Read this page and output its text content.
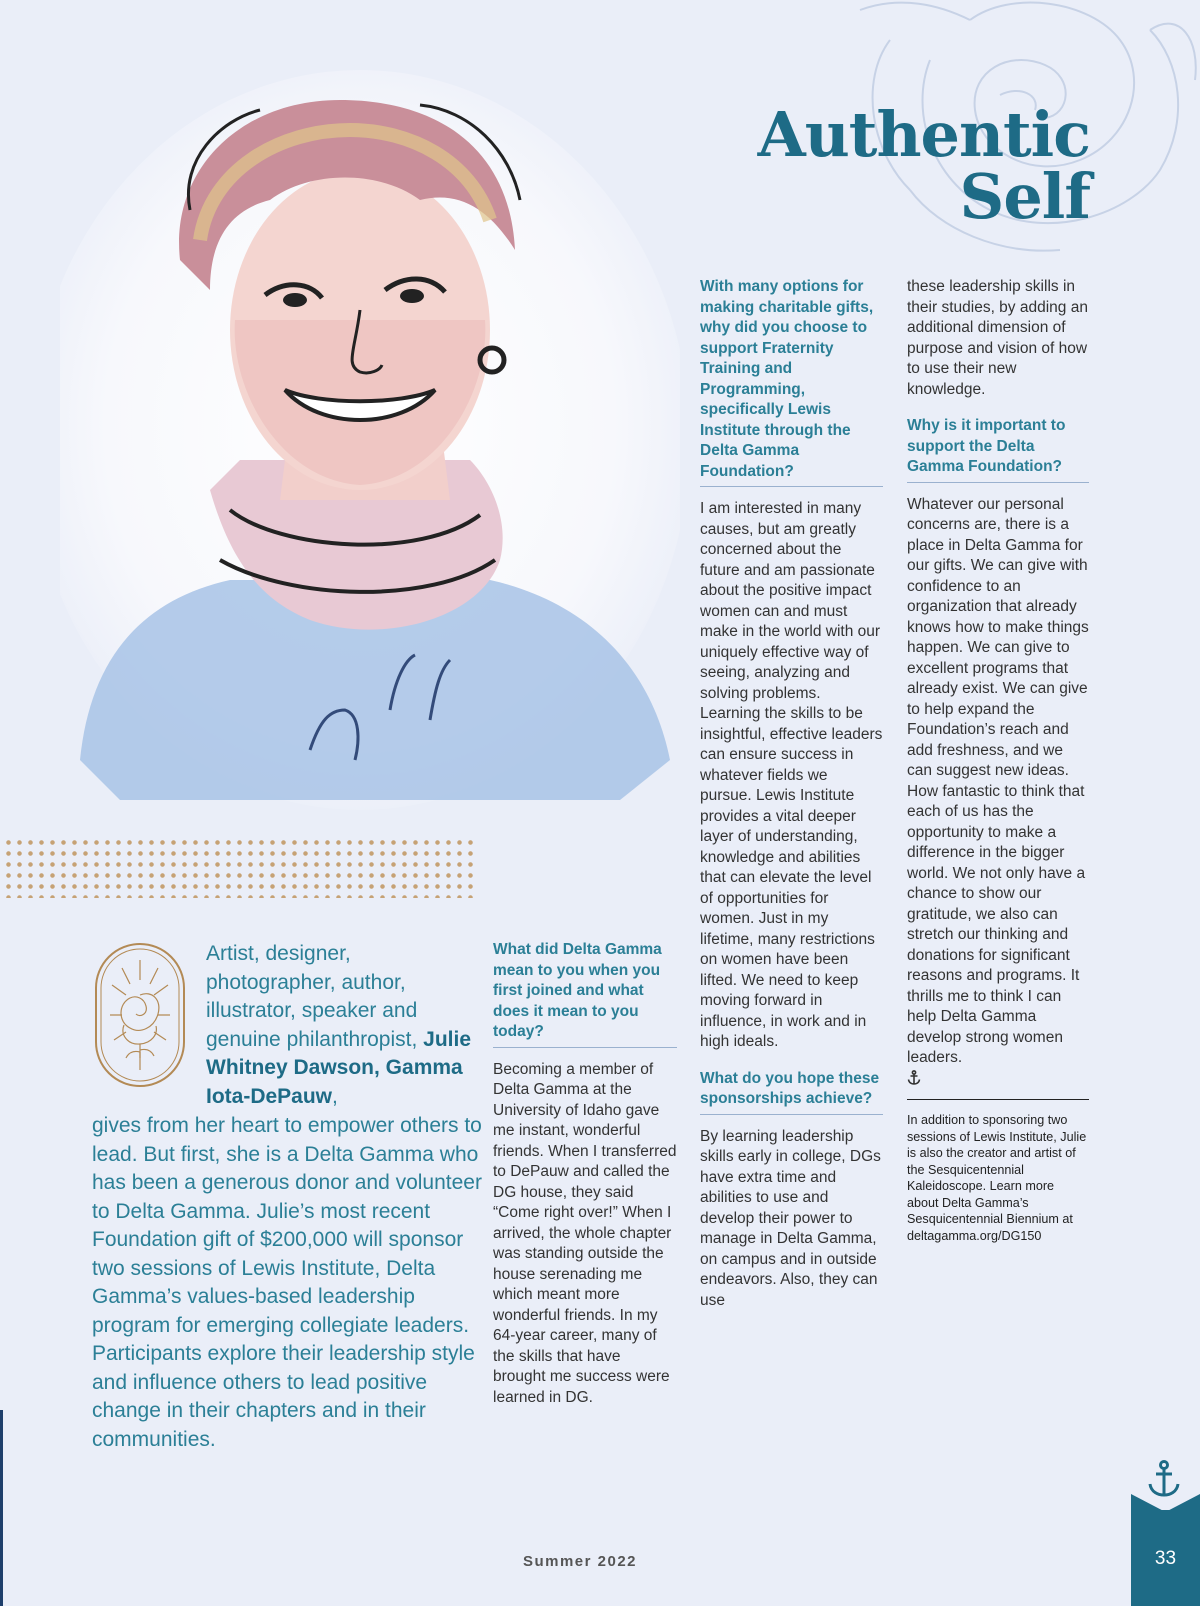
Authentic
Self
Artist, designer, photographer, author, illustrator, speaker and genuine philanthropist, Julie Whitney Dawson, Gamma Iota-DePauw,
gives from her heart to empower others to lead. But first, she is a Delta Gamma who has been a generous donor and volunteer to Delta Gamma. Julie’s most recent Foundation gift of $200,000 will sponsor two sessions of Lewis Institute, Delta Gamma’s values-based leadership program for emerging collegiate leaders. Participants explore their leadership style and influence others to lead positive change in their chapters and in their communities.
What did Delta Gamma mean to you when you first joined and what does it mean to you today?

Becoming a member of Delta Gamma at the University of Idaho gave me instant, wonderful friends. When I transferred to DePauw and called the DG house, they said “Come right over!” When I arrived, the whole chapter was standing outside the house serenading me which meant more wonderful friends. In my 64-year career, many of the skills that have brought me success were learned in DG.

With many options for making charitable gifts, why did you choose to support Fraternity Training and Programming, specifically Lewis Institute through the Delta Gamma Foundation?

I am interested in many causes, but am greatly concerned about the future and am passionate about the positive impact women can and must make in the world with our uniquely effective way of seeing, analyzing and solving problems. Learning the skills to be insightful, effective leaders can ensure success in whatever fields we pursue. Lewis Institute provides a vital deeper layer of understanding, knowledge and abilities that can elevate the level of opportunities for women. Just in my lifetime, many restrictions on women have been lifted. We need to keep moving forward in influence, in work and in high ideals.

What do you hope these sponsorships achieve?

By learning leadership skills early in college, DGs have extra time and abilities to use and develop their power to manage in Delta Gamma, on campus and in outside endeavors. Also, they can use

these leadership skills in their studies, by adding an additional dimension of purpose and vision of how to use their new knowledge.

Why is it important to support the Delta Gamma Foundation?

Whatever our personal concerns are, there is a place in Delta Gamma for our gifts. We can give with confidence to an organization that already knows how to make things happen. We can give to excellent programs that already exist. We can give to help expand the Foundation’s reach and add freshness, and we can suggest new ideas. How fantastic to think that each of us has the opportunity to make a difference in the bigger world. We not only have a chance to show our gratitude, we also can stretch our thinking and donations for significant reasons and programs. It thrills me to think I can help Delta Gamma develop strong women leaders.

In addition to sponsoring two sessions of Lewis Institute, Julie is also the creator and artist of the Sesquicentennial Kaleidoscope. Learn more about Delta Gamma’s Sesquicentennial Biennium at deltagamma.org/DG150
Summer 2022	33
